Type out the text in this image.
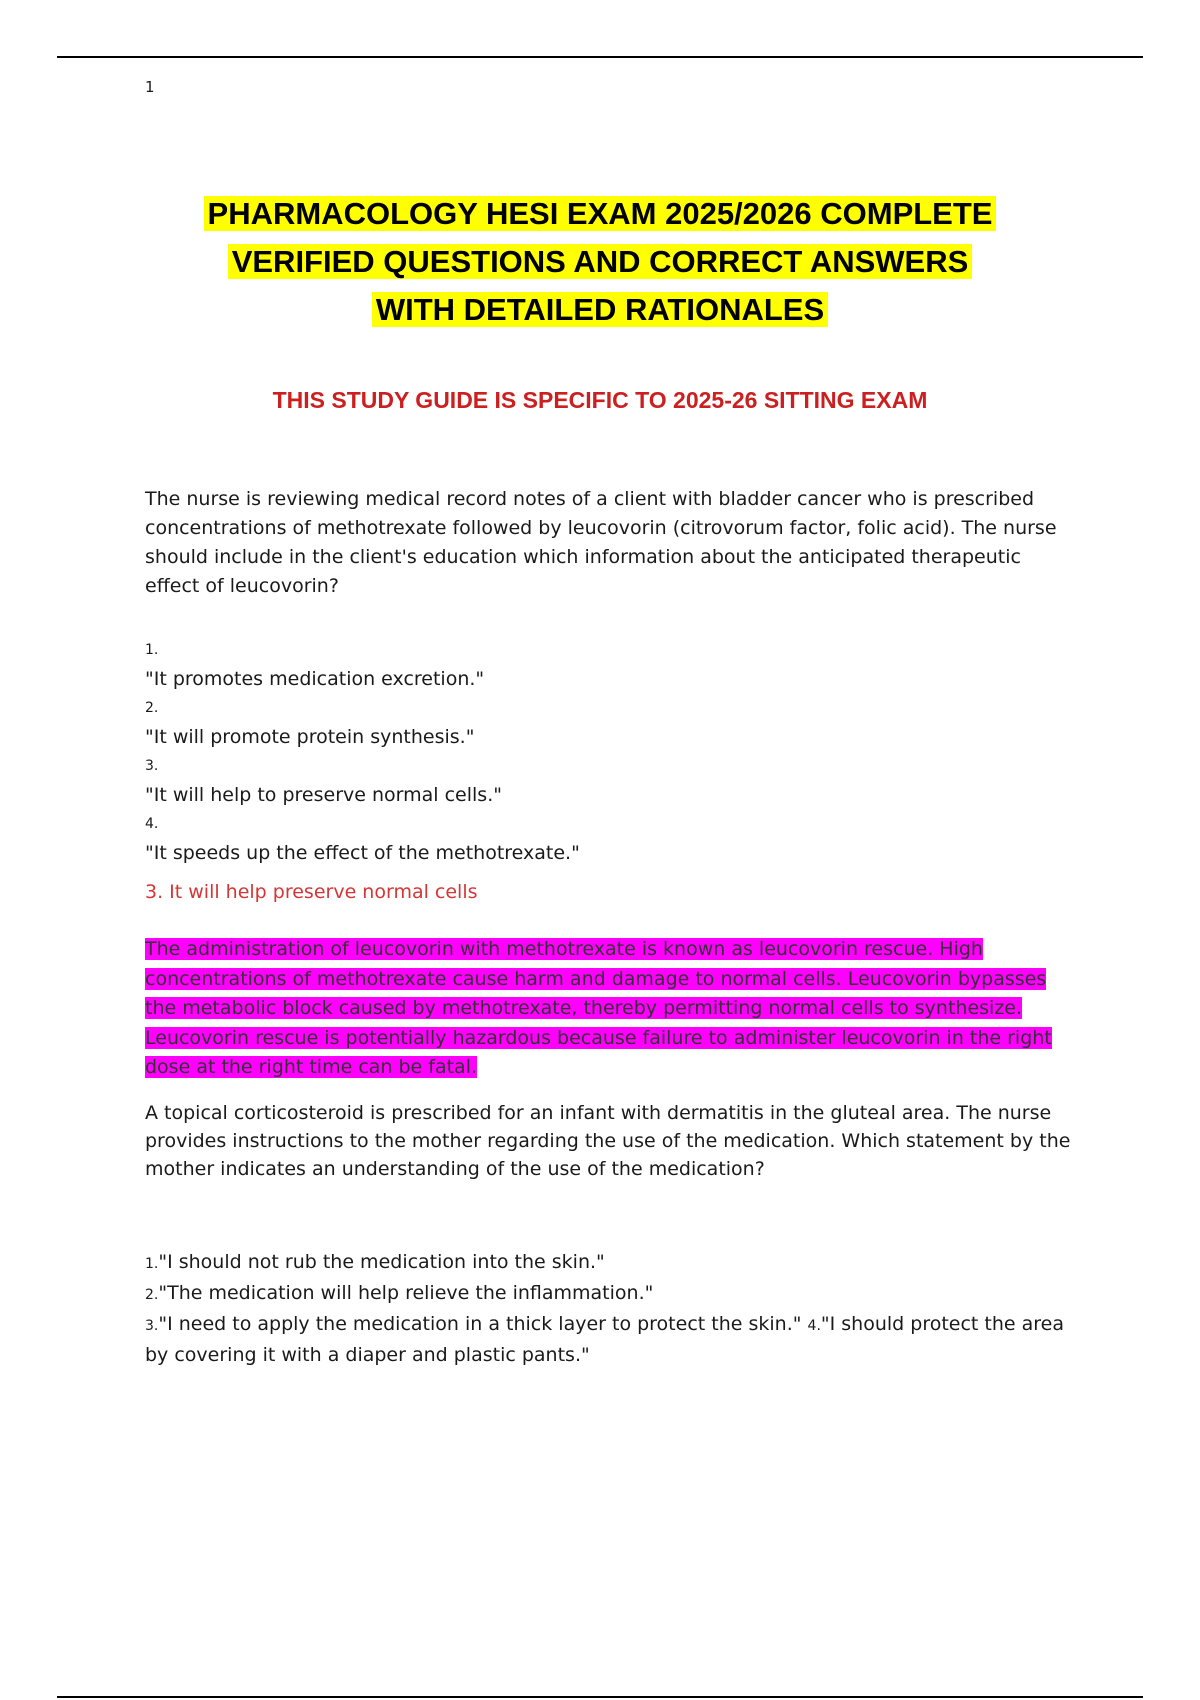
1
PHARMACOLOGY HESI EXAM 2025/2026 COMPLETE
VERIFIED QUESTIONS AND CORRECT ANSWERS
WITH DETAILED RATIONALES
THIS STUDY GUIDE IS SPECIFIC TO 2025-26 SITTING EXAM
The nurse is reviewing medical record notes of a client with bladder cancer who is prescribed concentrations of methotrexate followed by leucovorin (citrovorum factor, folic acid). The nurse should include in the client's education which information about the anticipated therapeutic effect of leucovorin?
1.
"It promotes medication excretion."
2.
"It will promote protein synthesis."
3.
"It will help to preserve normal cells."
4.
"It speeds up the effect of the methotrexate."
3. It will help preserve normal cells
The administration of leucovorin with methotrexate is known as leucovorin rescue. High concentrations of methotrexate cause harm and damage to normal cells. Leucovorin bypasses the metabolic block caused by methotrexate, thereby permitting normal cells to synthesize. Leucovorin rescue is potentially hazardous because failure to administer leucovorin in the right dose at the right time can be fatal.
A topical corticosteroid is prescribed for an infant with dermatitis in the gluteal area. The nurse provides instructions to the mother regarding the use of the medication. Which statement by the mother indicates an understanding of the use of the medication?
1."I should not rub the medication into the skin."
2."The medication will help relieve the inflammation."
3."I need to apply the medication in a thick layer to protect the skin." 4."I should protect the area by covering it with a diaper and plastic pants."
